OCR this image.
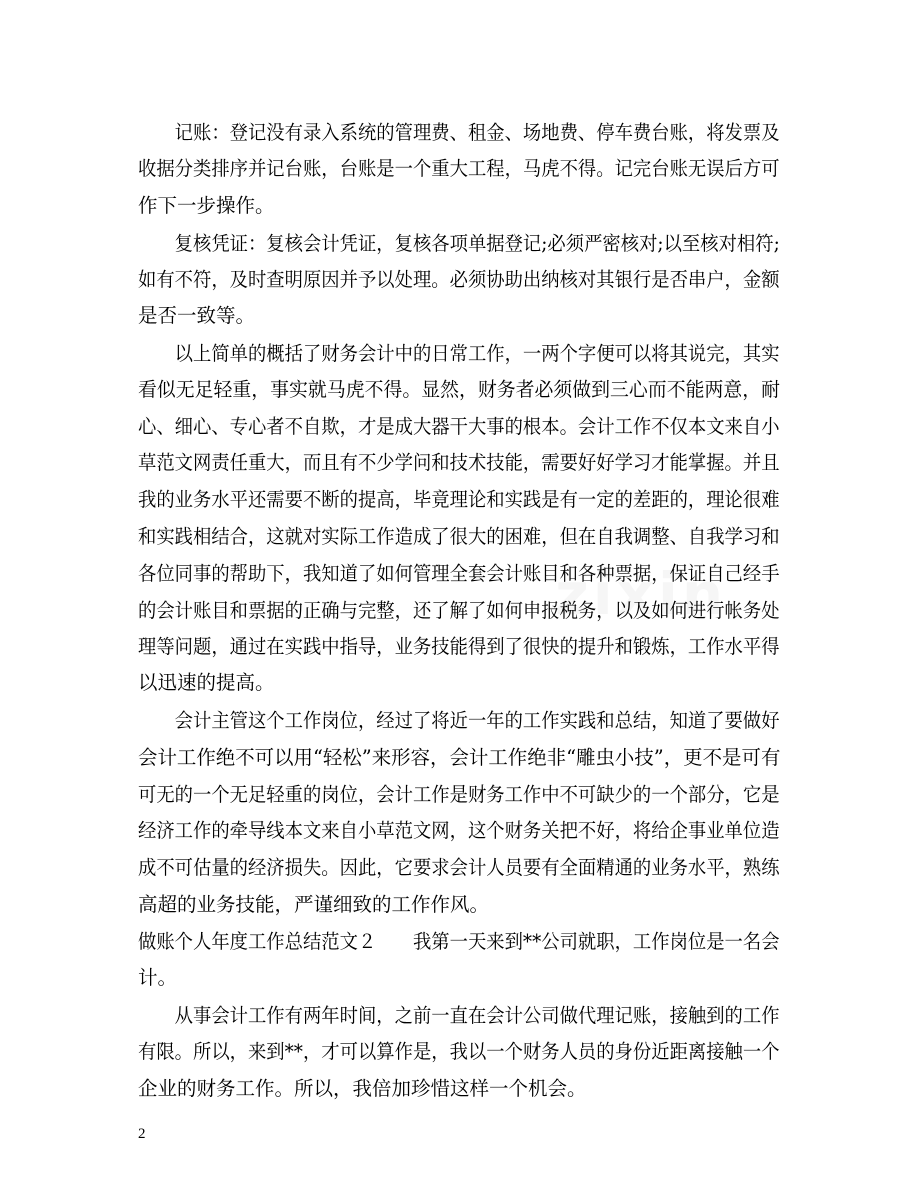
　　记账：登记没有录入系统的管理费、租金、场地费、停车费台账，将发票及
收据分类排序并记台账，台账是一个重大工程，马虎不得。记完台账无误后方可
作下一步操作。
　　复核凭证：复核会计凭证，复核各项单据登记;必须严密核对;以至核对相符;
如有不符，及时查明原因并予以处理。必须协助出纳核对其银行是否串户，金额
是否一致等。
　　以上简单的概括了财务会计中的日常工作，一两个字便可以将其说完，其实
看似无足轻重，事实就马虎不得。显然，财务者必须做到三心而不能两意，耐
心、细心、专心者不自欺，才是成大器干大事的根本。会计工作不仅本文来自小
草范文网责任重大，而且有不少学问和技术技能，需要好好学习才能掌握。并且
我的业务水平还需要不断的提高，毕竟理论和实践是有一定的差距的，理论很难
和实践相结合，这就对实际工作造成了很大的困难，但在自我调整、自我学习和
各位同事的帮助下，我知道了如何管理全套会计账目和各种票据，保证自己经手
的会计账目和票据的正确与完整，还了解了如何申报税务，以及如何进行帐务处
理等问题，通过在实践中指导，业务技能得到了很快的提升和锻炼，工作水平得
以迅速的提高。
　　会计主管这个工作岗位，经过了将近一年的工作实践和总结，知道了要做好
会计工作绝不可以用“轻松”来形容，会计工作绝非“雕虫小技”，更不是可有
可无的一个无足轻重的岗位，会计工作是财务工作中不可缺少的一个部分，它是
经济工作的牵导线本文来自小草范文网，这个财务关把不好，将给企事业单位造
成不可估量的经济损失。因此，它要求会计人员要有全面精通的业务水平，熟练
高超的业务技能，严谨细致的工作作风。
做账个人年度工作总结范文２　　我第一天来到**公司就职，工作岗位是一名会
计。
　　从事会计工作有两年时间，之前一直在会计公司做代理记账，接触到的工作
有限。所以，来到**，才可以算作是，我以一个财务人员的身份近距离接触一个
企业的财务工作。所以，我倍加珍惜这样一个机会。
2
